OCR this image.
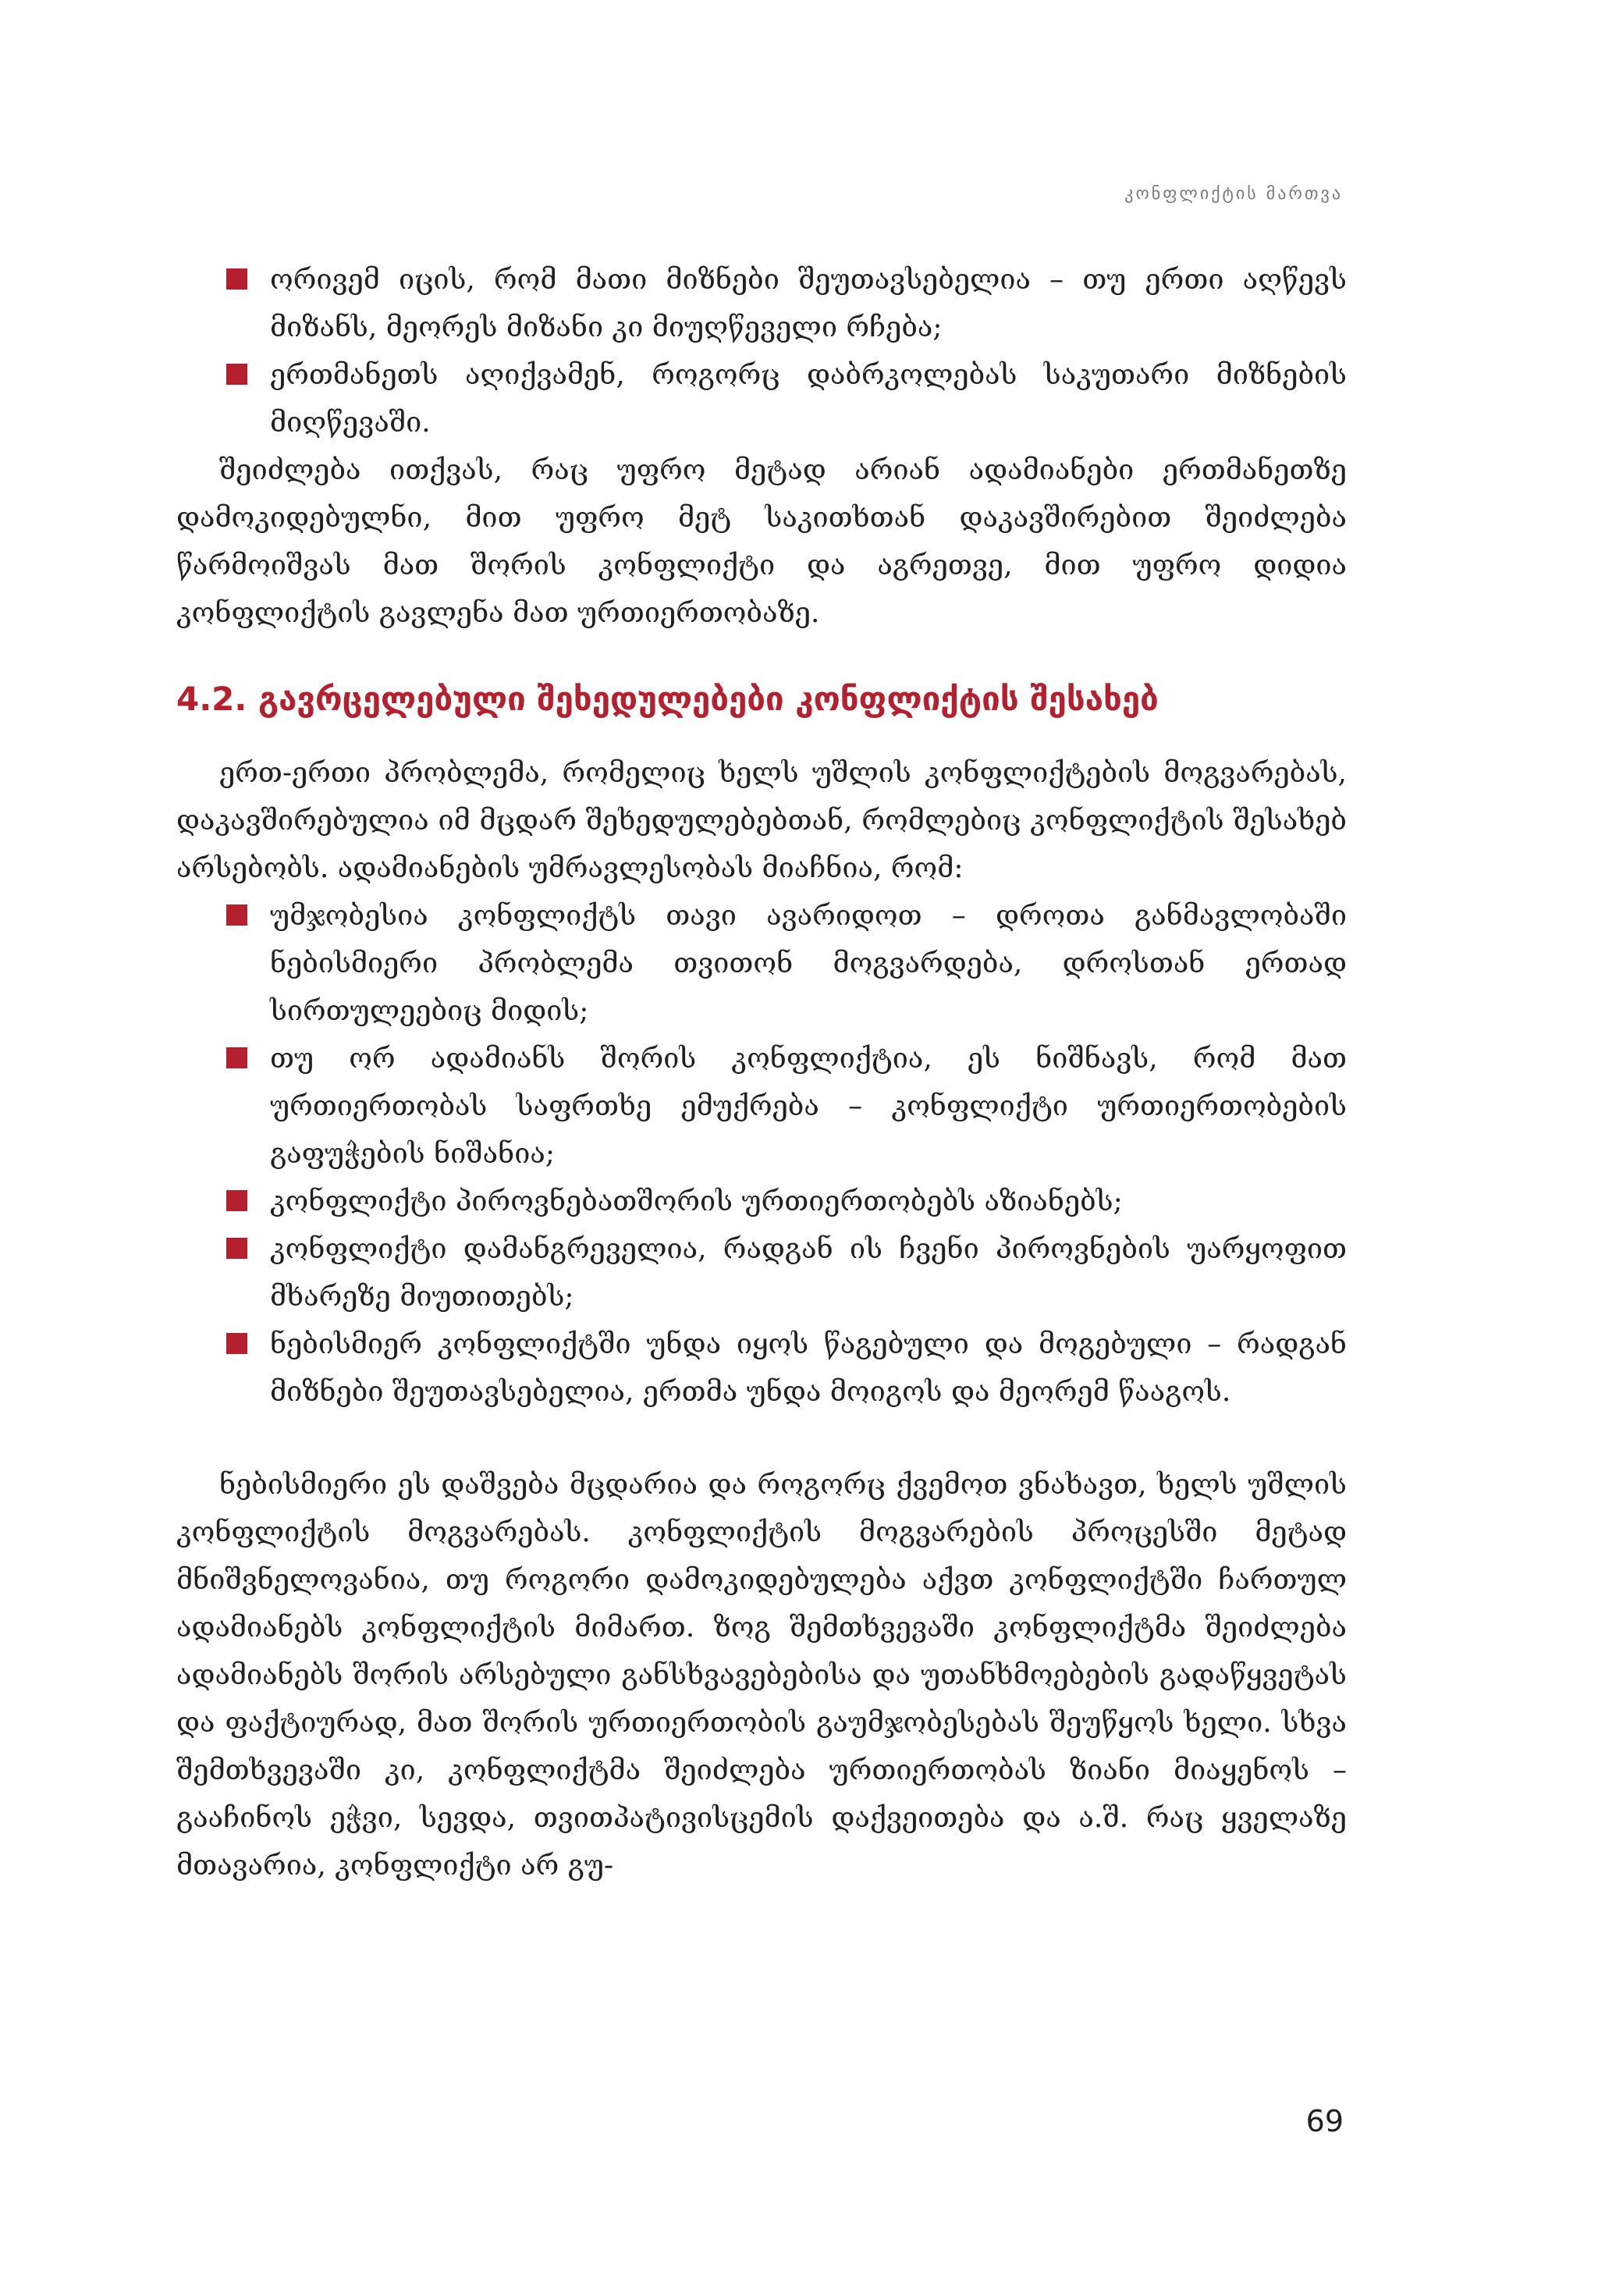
კონფლიქტის მართვა
ორივემ იცის, რომ მათი მიზნები შეუთავსებელია – თუ ერთი აღწევს მიზანს, მეორეს მიზანი კი მიუღწეველი რჩება;
ერთმანეთს აღიქვამენ, როგორც დაბრკოლებას საკუთარი მიზნების მიღწევაში.

შეიძლება ითქვას, რაც უფრო მეტად არიან ადამიანები ერთმანეთზე დამოკიდებულნი, მით უფრო მეტ საკითხთან დაკავშირებით შეიძლება წარმოიშვას მათ შორის კონფლიქტი და აგრეთვე, მით უფრო დიდია კონფლიქტის გავლენა მათ ურთიერთობაზე.

4.2. გავრცელებული შეხედულებები კონფლიქტის შესახებ

ერთ-ერთი პრობლემა, რომელიც ხელს უშლის კონფლიქტების მოგვარებას, დაკავშირებულია იმ მცდარ შეხედულებებთან, რომლებიც კონფლიქტის შესახებ არსებობს. ადამიანების უმრავლესობას მიაჩნია, რომ:

უმჯობესია კონფლიქტს თავი ავარიდოთ – დროთა განმავლობაში ნებისმიერი პრობლემა თვითონ მოგვარდება, დროსთან ერთად სირთულეებიც მიდის;
თუ ორ ადამიანს შორის კონფლიქტია, ეს ნიშნავს, რომ მათ ურთიერთობას საფრთხე ემუქრება – კონფლიქტი ურთიერთობების გაფუჭების ნიშანია;
კონფლიქტი პიროვნებათშორის ურთიერთობებს აზიანებს;
კონფლიქტი დამანგრეველია, რადგან ის ჩვენი პიროვნების უარყოფით მხარეზე მიუთითებს;
ნებისმიერ კონფლიქტში უნდა იყოს წაგებული და მოგებული – რადგან მიზნები შეუთავსებელია, ერთმა უნდა მოიგოს და მეორემ წააგოს.

ნებისმიერი ეს დაშვება მცდარია და როგორც ქვემოთ ვნახავთ, ხელს უშლის კონფლიქტის მოგვარებას. კონფლიქტის მოგვარების პროცესში მეტად მნიშვნელოვანია, თუ როგორი დამოკიდებულება აქვთ კონფლიქტში ჩართულ ადამიანებს კონფლიქტის მიმართ. ზოგ შემთხვევაში კონფლიქტმა შეიძლება ადამიანებს შორის არსებული განსხვავებებისა და უთანხმოებების გადაწყვეტას და ფაქტიურად, მათ შორის ურთიერთობის გაუმჯობესებას შეუწყოს ხელი. სხვა შემთხვევაში კი, კონფლიქტმა შეიძლება ურთიერთობას ზიანი მიაყენოს – გააჩინოს ეჭვი, სევდა, თვითპატივისცემის დაქვეითება და ა.შ. რაც ყველაზე მთავარია, კონფლიქტი არ გუ-

69
